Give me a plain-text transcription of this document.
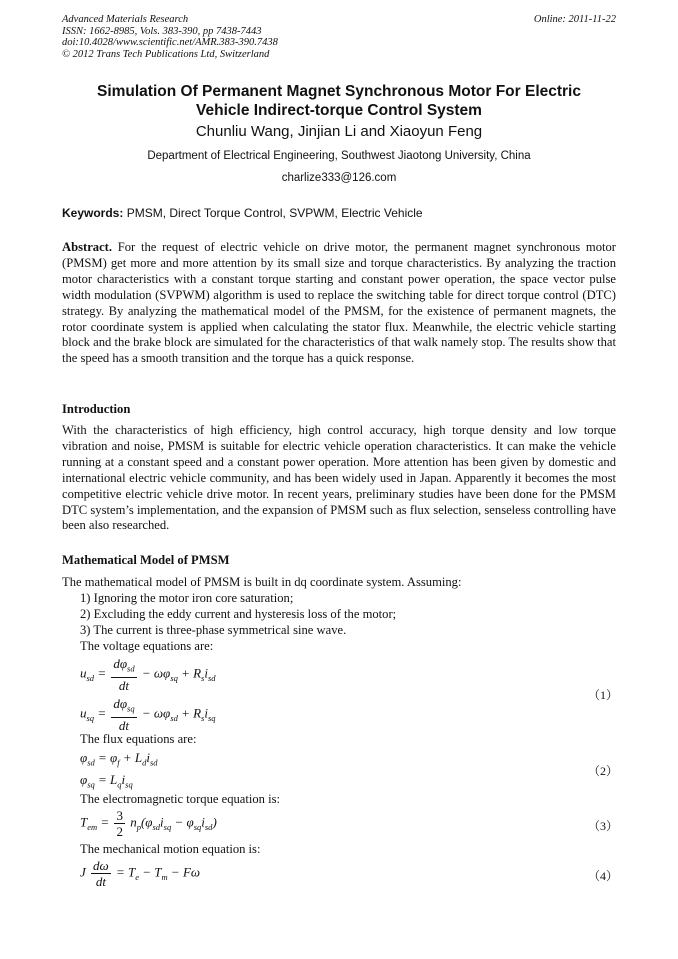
Advanced Materials Research
ISSN: 1662-8985, Vols. 383-390, pp 7438-7443
doi:10.4028/www.scientific.net/AMR.383-390.7438
© 2012 Trans Tech Publications Ltd, Switzerland
Online: 2011-11-22
Simulation Of Permanent Magnet Synchronous Motor For Electric
Vehicle Indirect-torque Control System
Chunliu Wang, Jinjian Li and Xiaoyun Feng
Department of Electrical Engineering, Southwest Jiaotong University, China
charlize333@126.com
Keywords: PMSM, Direct Torque Control, SVPWM, Electric Vehicle
Abstract. For the request of electric vehicle on drive motor, the permanent magnet synchronous motor (PMSM) get more and more attention by its small size and torque characteristics. By analyzing the traction motor characteristics with a constant torque starting and constant power operation, the space vector pulse width modulation (SVPWM) algorithm is used to replace the switching table for direct torque control (DTC) strategy. By analyzing the mathematical model of the PMSM, for the existence of permanent magnets, the rotor coordinate system is applied when calculating the stator flux. Meanwhile, the electric vehicle starting block and the brake block are simulated for the characteristics of that walk namely stop. The results show that the speed has a smooth transition and the torque has a quick response.
Introduction
With the characteristics of high efficiency, high control accuracy, high torque density and low torque vibration and noise, PMSM is suitable for electric vehicle operation characteristics. It can make the vehicle running at a constant speed and a constant power operation. More attention has been given by domestic and international electric vehicle community, and has been widely used in Japan. Apparently it becomes the most competitive electric vehicle drive motor. In recent years, preliminary studies have been done for the PMSM DTC system’s implementation, and the expansion of PMSM such as flux selection, senseless controlling have been also researched.
Mathematical Model of PMSM
The mathematical model of PMSM is built in dq coordinate system. Assuming:
1) Ignoring the motor iron core saturation;
2) Excluding the eddy current and hysteresis loss of the motor;
3) The current is three-phase symmetrical sine wave.
The voltage equations are:
$u_{sd} = \frac{d\varphi_{sd}}{dt} - \omega\varphi_{sq} + R_si_{sd}$
$u_{sq} = \frac{d\varphi_{sq}}{dt} - \omega\varphi_{sd} + R_si_{sq}$
（1）
The flux equations are:
$\varphi_{sd} = \varphi_f + L_di_{sd}$
$\varphi_{sq} = L_qi_{sq}$
（2）
The electromagnetic torque equation is:
$T_{em} = \frac{3}{2} n_p(\varphi_{sd}i_{sq} - \varphi_{sq}i_{sd})$	（3）
The mechanical motion equation is:
J $\frac{d\omega}{dt} = T_e - T_m - F\omega$	（4）
